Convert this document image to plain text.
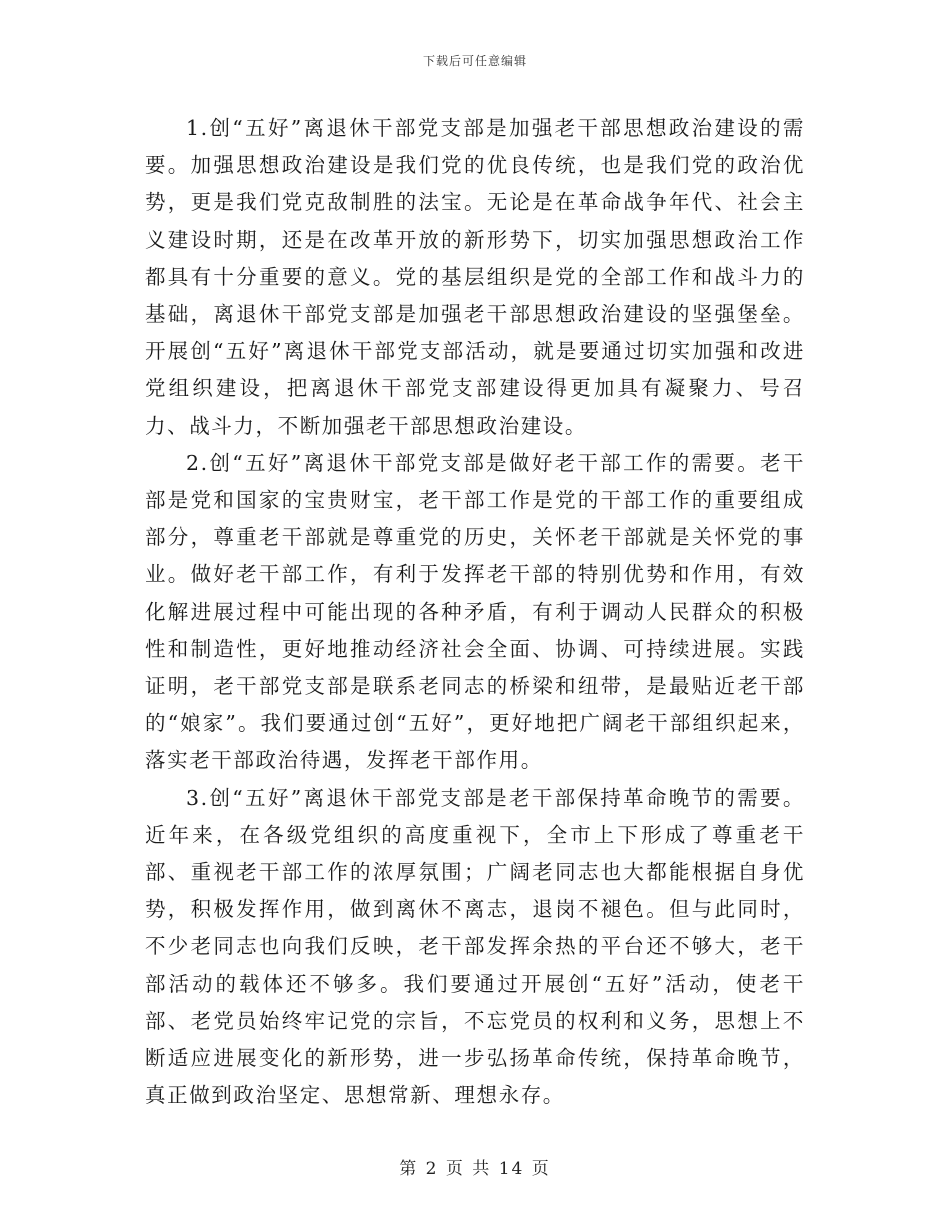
下载后可任意编辑

1.创“五好”离退休干部党支部是加强老干部思想政治建设的需要。加强思想政治建设是我们党的优良传统，也是我们党的政治优势，更是我们党克敌制胜的法宝。无论是在革命战争年代、社会主义建设时期，还是在改革开放的新形势下，切实加强思想政治工作都具有十分重要的意义。党的基层组织是党的全部工作和战斗力的基础，离退休干部党支部是加强老干部思想政治建设的坚强堡垒。开展创“五好”离退休干部党支部活动，就是要通过切实加强和改进党组织建设，把离退休干部党支部建设得更加具有凝聚力、号召力、战斗力，不断加强老干部思想政治建设。

2.创“五好”离退休干部党支部是做好老干部工作的需要。老干部是党和国家的宝贵财宝，老干部工作是党的干部工作的重要组成部分，尊重老干部就是尊重党的历史，关怀老干部就是关怀党的事业。做好老干部工作，有利于发挥老干部的特别优势和作用，有效化解进展过程中可能出现的各种矛盾，有利于调动人民群众的积极性和制造性，更好地推动经济社会全面、协调、可持续进展。实践证明，老干部党支部是联系老同志的桥梁和纽带，是最贴近老干部的“娘家”。我们要通过创“五好”，更好地把广阔老干部组织起来，落实老干部政治待遇，发挥老干部作用。

3.创“五好”离退休干部党支部是老干部保持革命晚节的需要。近年来，在各级党组织的高度重视下，全市上下形成了尊重老干部、重视老干部工作的浓厚氛围；广阔老同志也大都能根据自身优势，积极发挥作用，做到离休不离志，退岗不褪色。但与此同时，不少老同志也向我们反映，老干部发挥余热的平台还不够大，老干部活动的载体还不够多。我们要通过开展创“五好”活动，使老干部、老党员始终牢记党的宗旨，不忘党员的权利和义务，思想上不断适应进展变化的新形势，进一步弘扬革命传统，保持革命晚节，真正做到政治坚定、思想常新、理想永存。

第 2 页 共 14 页
